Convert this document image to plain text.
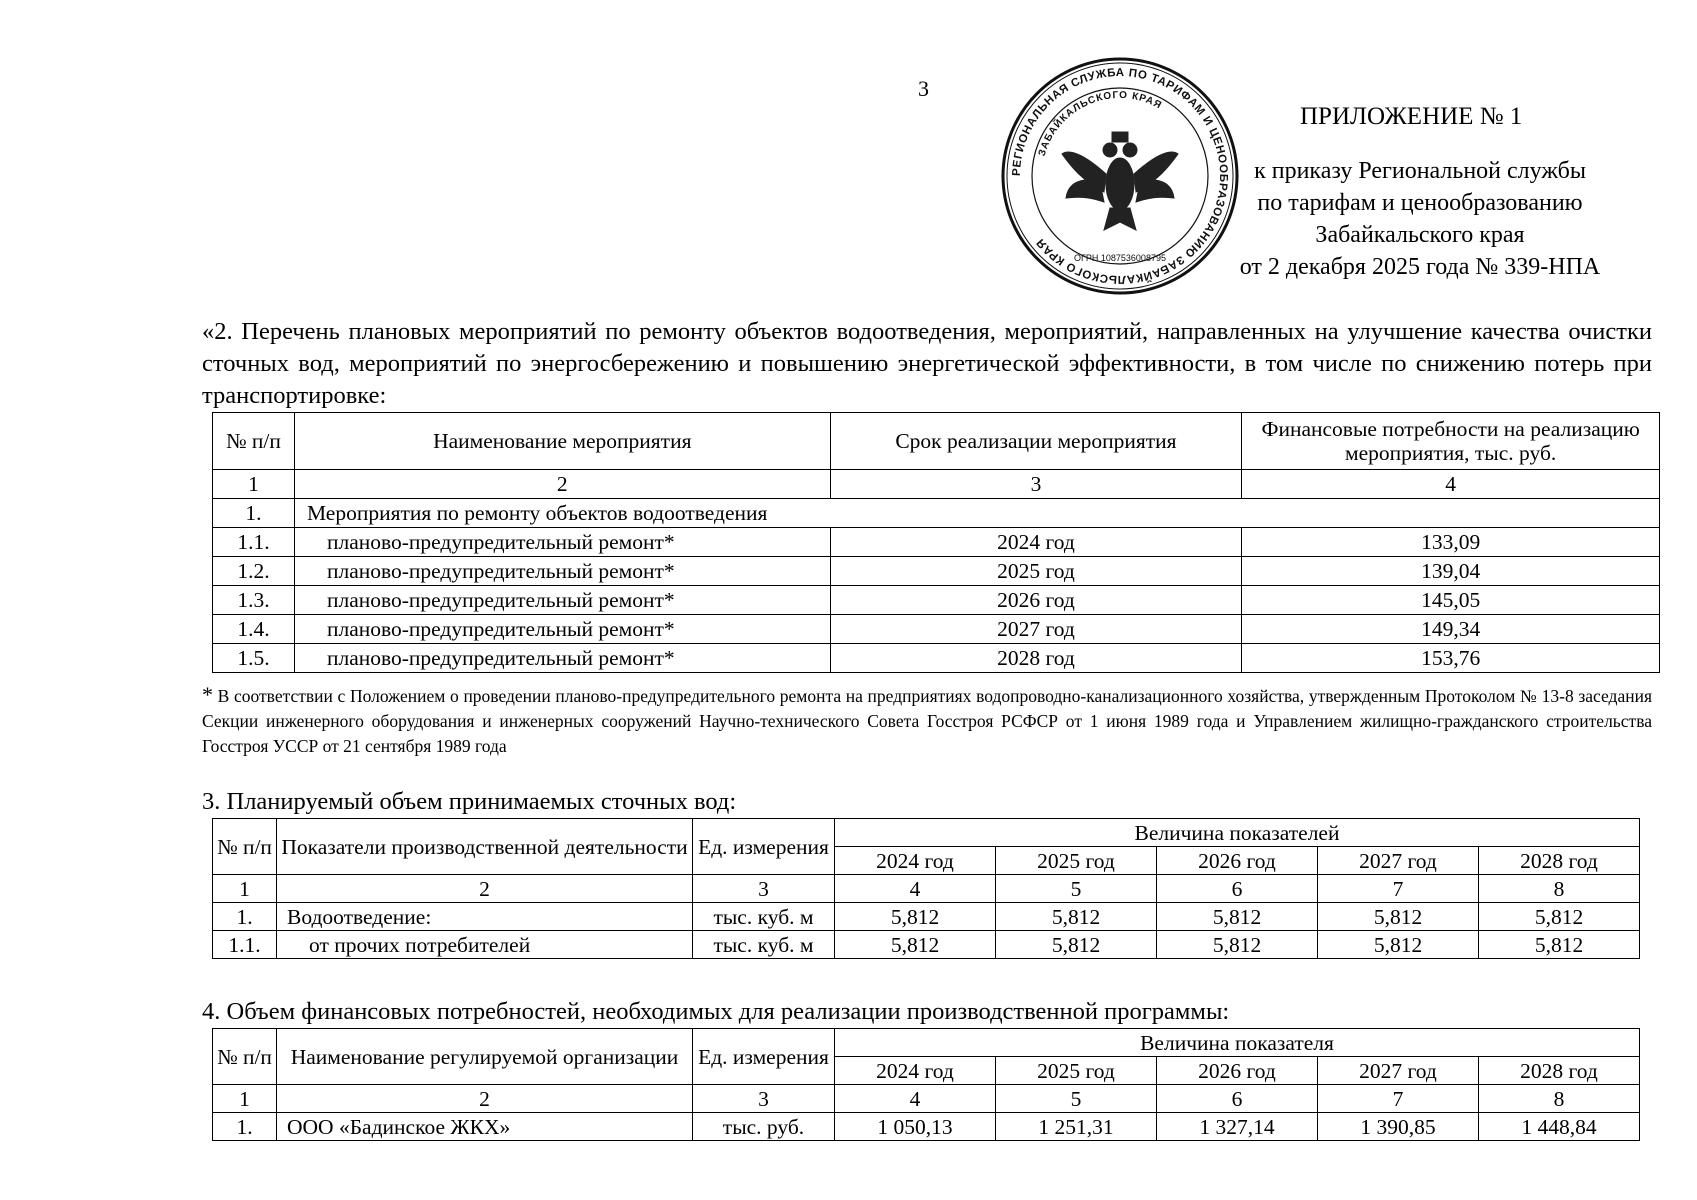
3
РЕГИОНАЛЬНАЯ СЛУЖБА ПО ТАРИФАМ И ЦЕНООБРАЗОВАНИЮ ЗАБАЙКАЛЬСКОГО КРАЯ
ЗАБАЙКАЛЬСКОГО КРАЯ
ОГРН 1087536008795
ПРИЛОЖЕНИЕ № 1
к приказу Региональной службы
по тарифам и ценообразованию
Забайкальского края
от 2 декабря 2025 года № 339-НПА
«2. Перечень плановых мероприятий по ремонту объектов водоотведения, мероприятий, направленных на улучшение качества очистки сточных вод, мероприятий по энергосбережению и повышению энергетической эффективности, в том числе по снижению потерь при транспортировке:
№ п/п	Наименование мероприятия	Срок реализации мероприятия	Финансовые потребности на реализацию мероприятия, тыс. руб.
1	2	3	4
1.	Мероприятия по ремонту объектов водоотведения		
1.1.	планово-предупредительный ремонт*	2024 год	133,09
1.2.	планово-предупредительный ремонт*	2025 год	139,04
1.3.	планово-предупредительный ремонт*	2026 год	145,05
1.4.	планово-предупредительный ремонт*	2027 год	149,34
1.5.	планово-предупредительный ремонт*	2028 год	153,76
* В соответствии с Положением о проведении планово-предупредительного ремонта на предприятиях водопроводно-канализационного хозяйства, утвержденным Протоколом № 13-8 заседания Секции инженерного оборудования и инженерных сооружений Научно-технического Совета Госстроя РСФСР от 1 июня 1989 года и Управлением жилищно-гражданского строительства Госстроя УССР от 21 сентября 1989 года
3. Планируемый объем принимаемых сточных вод:
№ п/п	Показатели производственной деятельности	Ед. измерения	Величина показателей				
			2024 год	2025 год	2026 год	2027 год	2028 год
1	2	3	4	5	6	7	8
1.	Водоотведение:	тыс. куб. м	5,812	5,812	5,812	5,812	5,812
1.1.	от прочих потребителей	тыс. куб. м	5,812	5,812	5,812	5,812	5,812
4. Объем финансовых потребностей, необходимых для реализации производственной программы:
№ п/п	Наименование регулируемой организации	Ед. измерения	Величина показателя				
			2024 год	2025 год	2026 год	2027 год	2028 год
1	2	3	4	5	6	7	8
1.	ООО «Бадинское ЖКХ»	тыс. руб.	1 050,13	1 251,31	1 327,14	1 390,85	1 448,84
